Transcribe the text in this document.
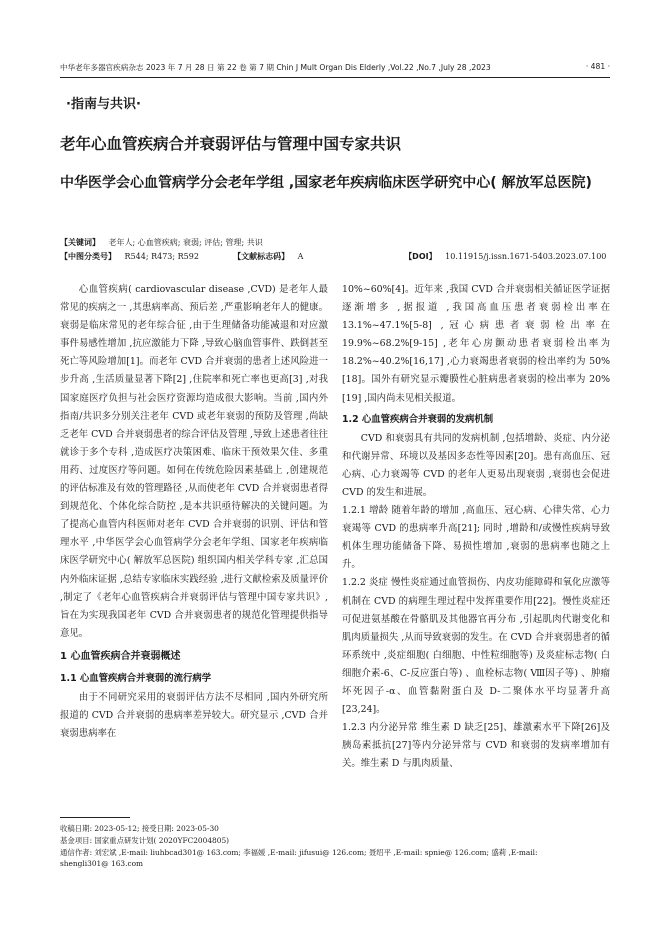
中华老年多器官疾病杂志 2023 年 7 月 28 日 第 22 卷 第 7 期 Chin J Mult Organ Dis Elderly ,Vol.22 ,No.7 ,July 28 ,2023	· 481 ·
·指南与共识·
老年心血管疾病合并衰弱评估与管理中国专家共识
中华医学会心血管病学分会老年学组 ,国家老年疾病临床医学研究中心( 解放军总医院)
【关键词】 老年人; 心血管疾病; 衰弱; 评估; 管理; 共识
【中图分类号】 R544; R473; R592	【文献标志码】 A	【DOI】 10.11915/j.issn.1671-5403.2023.07.100

心血管疾病( cardiovascular disease ,CVD) 是老年人最常见的疾病之一 ,其患病率高、预后差 ,严重影响老年人的健康。衰弱是临床常见的老年综合征 ,由于生理储备功能减退和对应激事件易感性增加 ,抗应激能力下降 ,导致心脑血管事件、跌倒甚至死亡等风险增加[1]。而老年 CVD 合并衰弱的患者上述风险进一步升高 ,生活质量显著下降[2] ,住院率和死亡率也更高[3] ,对我国家庭医疗负担与社会医疗资源均造成很大影响。当前 ,国内外指南/共识多分别关注老年 CVD 或老年衰弱的预防及管理 ,尚缺乏老年 CVD 合并衰弱患者的综合评估及管理 ,导致上述患者往往就诊于多个专科 ,造成医疗决策困难、临床干预效果欠佳、多重用药、过度医疗等问题。如何在传统危险因素基础上 ,创建规范的评估标准及有效的管理路径 ,从而使老年 CVD 合并衰弱患者得到规范化、个体化综合防控 ,是本共识亟待解决的关键问题。为了提高心血管内科医师对老年 CVD 合并衰弱的识别、评估和管理水平 ,中华医学会心血管病学分会老年学组、国家老年疾病临床医学研究中心( 解放军总医院) 组织国内相关学科专家 ,汇总国内外临床证据 ,总结专家临床实践经验 ,进行文献检索及质量评价 ,制定了《老年心血管疾病合并衰弱评估与管理中国专家共识》,旨在为实现我国老年 CVD 合并衰弱患者的规范化管理提供指导意见。

1 心血管疾病合并衰弱概述
1.1 心血管疾病合并衰弱的流行病学

由于不同研究采用的衰弱评估方法不尽相同 ,国内外研究所报道的 CVD 合并衰弱的患病率差异较大。研究显示 ,CVD 合并衰弱患病率在

10%~60%[4]。近年来 ,我国 CVD 合并衰弱相关循证医学证据逐渐增多 ,据报道 ,我国高血压患者衰弱检出率在 13.1%~47.1%[5-8] ,冠心病患者衰弱检出率在 19.9%~68.2%[9-15] ,老年心房颤动患者衰弱检出率为 18.2%~40.2%[16,17] ,心力衰竭患者衰弱的检出率约为 50%[18]。国外有研究显示瓣膜性心脏病患者衰弱的检出率为 20%[19] ,国内尚未见相关报道。

1.2 心血管疾病合并衰弱的发病机制

CVD 和衰弱具有共同的发病机制 ,包括增龄、炎症、内分泌和代谢异常、环境以及基因多态性等因素[20]。患有高血压、冠心病、心力衰竭等 CVD 的老年人更易出现衰弱 ,衰弱也会促进 CVD 的发生和进展。

1.2.1 增龄 随着年龄的增加 ,高血压、冠心病、心律失常、心力衰竭等 CVD 的患病率升高[21]; 同时 ,增龄和/或慢性疾病导致机体生理功能储备下降、易损性增加 ,衰弱的患病率也随之上升。

1.2.2 炎症 慢性炎症通过血管损伤、内皮功能障碍和氧化应激等机制在 CVD 的病理生理过程中发挥重要作用[22]。慢性炎症还可促进氨基酸在骨骼肌及其他器官再分布 ,引起肌肉代谢变化和肌肉质量损失 ,从而导致衰弱的发生。在 CVD 合并衰弱患者的循环系统中 ,炎症细胞( 白细胞、中性粒细胞等) 及炎症标志物( 白细胞介素-6、C-反应蛋白等) 、血栓标志物( Ⅷ因子等) 、肿瘤坏死因子-α、血管黏附蛋白及 D-二聚体水平均显著升高[23,24]。

1.2.3 内分泌异常 维生素 D 缺乏[25]、雄激素水平下降[26]及胰岛素抵抗[27]等内分泌异常与 CVD 和衰弱的发病率增加有关。维生素 D 与肌肉质量、

收稿日期: 2023-05-12; 接受日期: 2023-05-30
基金项目: 国家重点研发计划( 2020YFC2004805)
通信作者: 刘宏斌 ,E-mail: liuhbcad301@ 163.com; 李福媛 ,E-mail: jifusui@ 126.com; 聂绍平 ,E-mail: spnie@ 126.com; 盛莉 ,E-mail:
shengli301@ 163.com
